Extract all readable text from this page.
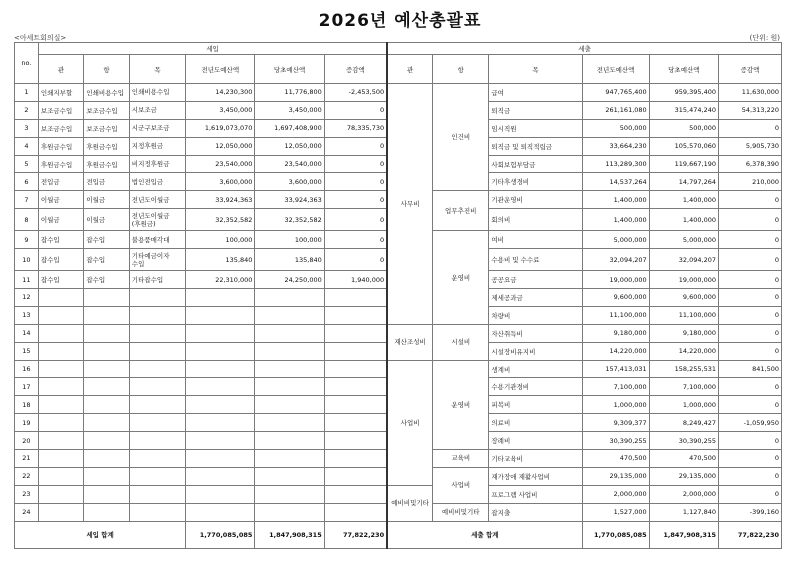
2026년 예산총괄표
<아세트회의실>	(단위: 원)
no.	세입						세출					
	관	항	목	전년도예산액	당초예산액	증감액	관	항	목	전년도예산액	당초예산액	증감액
1	인쇄지부할	인쇄비용수입	인쇄비용수입	14,230,300	11,776,800	-2,453,500	사무비	인건비	급여	947,765,400	959,395,400	11,630,000
2	보조금수입	보조금수입	시보조금	3,450,000	3,450,000	0			퇴직금	261,161,080	315,474,240	54,313,220
3	보조금수입	보조금수입	시군구보조금	1,619,073,070	1,697,408,900	78,335,730			임시직원	500,000	500,000	0
4	후원금수입	후원금수입	지정후원금	12,050,000	12,050,000	0			퇴직금 및 퇴직적립금	33,664,230	105,570,060	5,905,730
5	후원금수입	후원금수입	비지정후원금	23,540,000	23,540,000	0			사회보험부담금	113,289,300	119,667,190	6,378,390
6	전입금	전입금	법인전입금	3,600,000	3,600,000	0			기타후생경비	14,537,264	14,797,264	210,000
7	이월금	이월금	전년도이월금	33,924,363	33,924,363	0		업무추진비	기관운영비	1,400,000	1,400,000	0
8	이월금	이월금	전년도이월금
(후원금)	32,352,582	32,352,582	0			회의비	1,400,000	1,400,000	0
9	잡수입	잡수입	불용품매각대	100,000	100,000	0		운영비	여비	5,000,000	5,000,000	0
10	잡수입	잡수입	기타예금이자
수입	135,840	135,840	0			수용비 및 수수료	32,094,207	32,094,207	0
11	잡수입	잡수입	기타잡수입	22,310,000	24,250,000	1,940,000			공공요금	19,000,000	19,000,000	0
12									제세공과금	9,600,000	9,600,000	0
13									차량비	11,100,000	11,100,000	0
14							재산조성비	시설비	자산취득비	9,180,000	9,180,000	0
15									시설장비유지비	14,220,000	14,220,000	0
16							사업비	운영비	생계비	157,413,031	158,255,531	841,500
17									수용기관경비	7,100,000	7,100,000	0
18									피복비	1,000,000	1,000,000	0
19									의료비	9,309,377	8,249,427	-1,059,950
20									장례비	30,390,255	30,390,255	0
21								교육비	기타교육비	470,500	470,500	0
22								사업비	재가장애 재활사업비	29,135,000	29,135,000	0
23							예비비및기타		프로그램 사업비	2,000,000	2,000,000	0
24								예비비및기타	잡지출	1,527,000	1,127,840	-399,160
세입 합계				1,770,085,085	1,847,908,315	77,822,230	세출 합계			1,770,085,085	1,847,908,315	77,822,230
